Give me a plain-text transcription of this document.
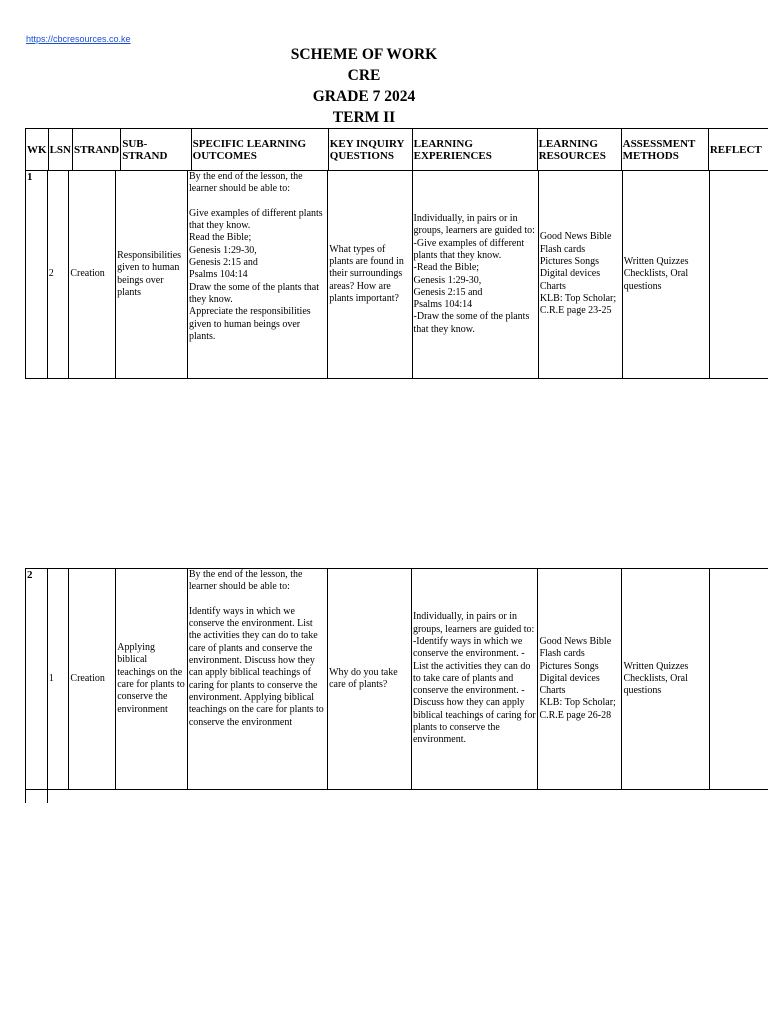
https://cbcresources.co.ke
SCHEME OF WORK
CRE
GRADE 7 2024
TERM II
WK	LSN	STRAND	SUB-STRAND	SPECIFIC LEARNING OUTCOMES	KEY INQUIRY QUESTIONS	LEARNING EXPERIENCES	LEARNING RESOURCES	ASSESSMENT METHODS	REFLECT
1	2	Creation	Responsibilities given to human beings over plants	By the end of the lesson, the learner should be able to:

Give examples of different plants that they know.
Read the Bible;
Genesis 1:29-30,
Genesis 2:15 and
Psalms 104:14
Draw the some of the plants that they know.
Appreciate the responsibilities given to human beings over plants.	What types of plants are found in their surroundings areas? How are plants important?	Individually, in pairs or in groups, learners are guided to:
-Give examples of different plants that they know.
-Read the Bible;
Genesis 1:29-30,
Genesis 2:15 and
Psalms 104:14
-Draw the some of the plants that they know.	Good News Bible
Flash cards
Pictures Songs
Digital devices
Charts
KLB: Top Scholar; C.R.E page 23-25	Written Quizzes Checklists, Oral questions	
2	1	Creation	Applying biblical teachings on the care for plants to conserve the environment	By the end of the lesson, the learner should be able to:

Identify ways in which we conserve the environment. List the activities they can do to take care of plants and conserve the environment. Discuss how they can apply biblical teachings of caring for plants to conserve the environment. Applying biblical teachings on the care for plants to conserve the environment	Why do you take care of plants?	Individually, in pairs or in groups, learners are guided to:
-Identify ways in which we conserve the environment. - List the activities they can do to take care of plants and conserve the environment. - Discuss how they can apply biblical teachings of caring for plants to conserve the environment.	Good News Bible
Flash cards
Pictures Songs
Digital devices
Charts
KLB: Top Scholar; C.R.E page 26-28	Written Quizzes Checklists, Oral questions	
